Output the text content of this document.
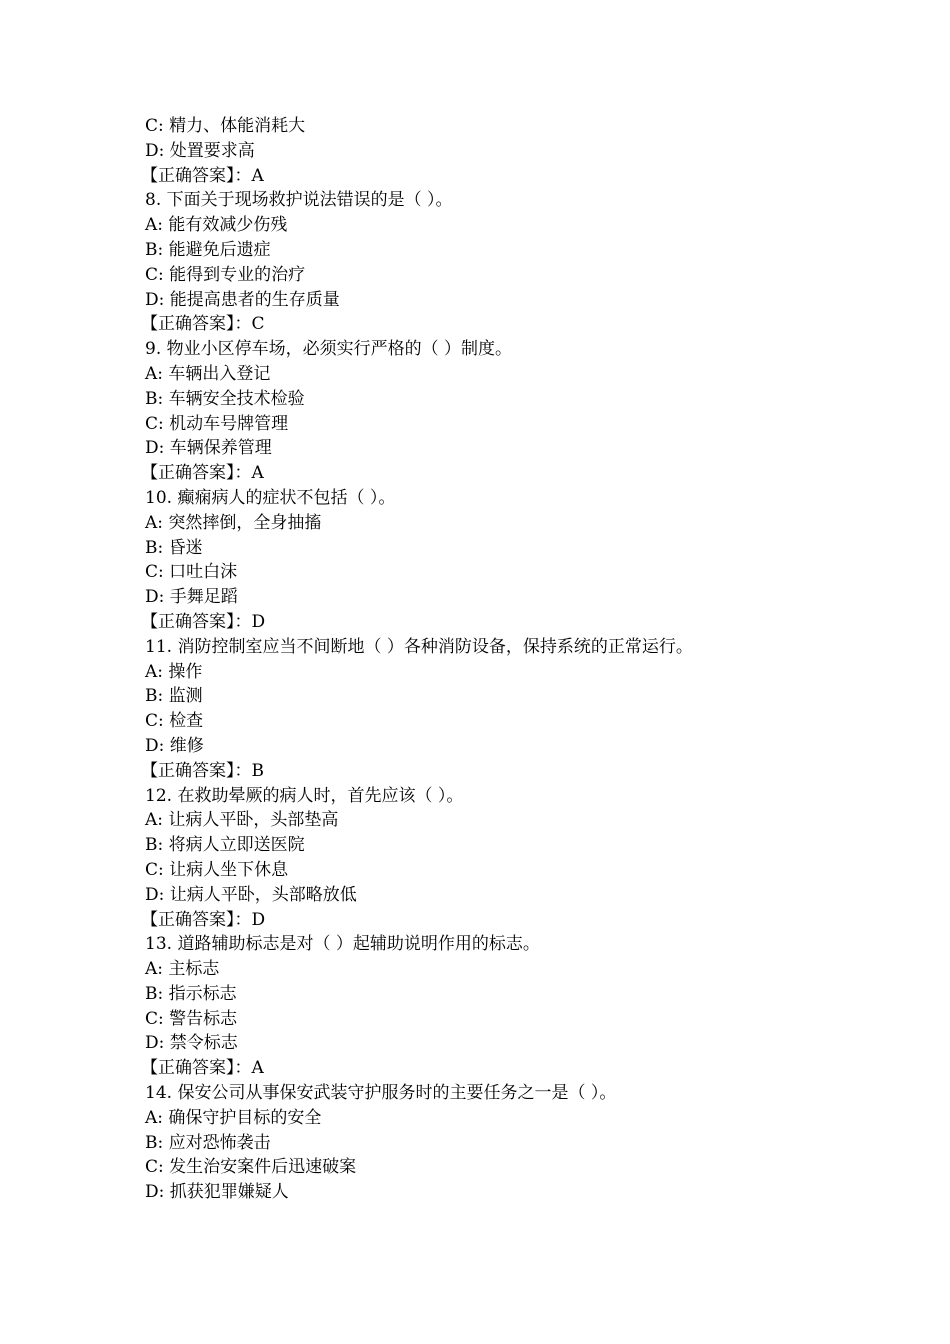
C: 精力、体能消耗大
D: 处置要求高
【正确答案】：A
8. 下面关于现场救护说法错误的是（ ）。
A: 能有效减少伤残
B: 能避免后遗症
C: 能得到专业的治疗
D: 能提高患者的生存质量
【正确答案】：C
9. 物业小区停车场，必须实行严格的（ ）制度。
A: 车辆出入登记
B: 车辆安全技术检验
C: 机动车号牌管理
D: 车辆保养管理
【正确答案】：A
10. 癫痫病人的症状不包括（ ）。
A: 突然摔倒，全身抽搐
B: 昏迷
C: 口吐白沫
D: 手舞足蹈
【正确答案】：D
11. 消防控制室应当不间断地（ ）各种消防设备，保持系统的正常运行。
A: 操作
B: 监测
C: 检查
D: 维修
【正确答案】：B
12. 在救助晕厥的病人时，首先应该（ ）。
A: 让病人平卧，头部垫高
B: 将病人立即送医院
C: 让病人坐下休息
D: 让病人平卧，头部略放低
【正确答案】：D
13. 道路辅助标志是对（ ）起辅助说明作用的标志。
A: 主标志
B: 指示标志
C: 警告标志
D: 禁令标志
【正确答案】：A
14. 保安公司从事保安武装守护服务时的主要任务之一是（ ）。
A: 确保守护目标的安全
B: 应对恐怖袭击
C: 发生治安案件后迅速破案
D: 抓获犯罪嫌疑人
